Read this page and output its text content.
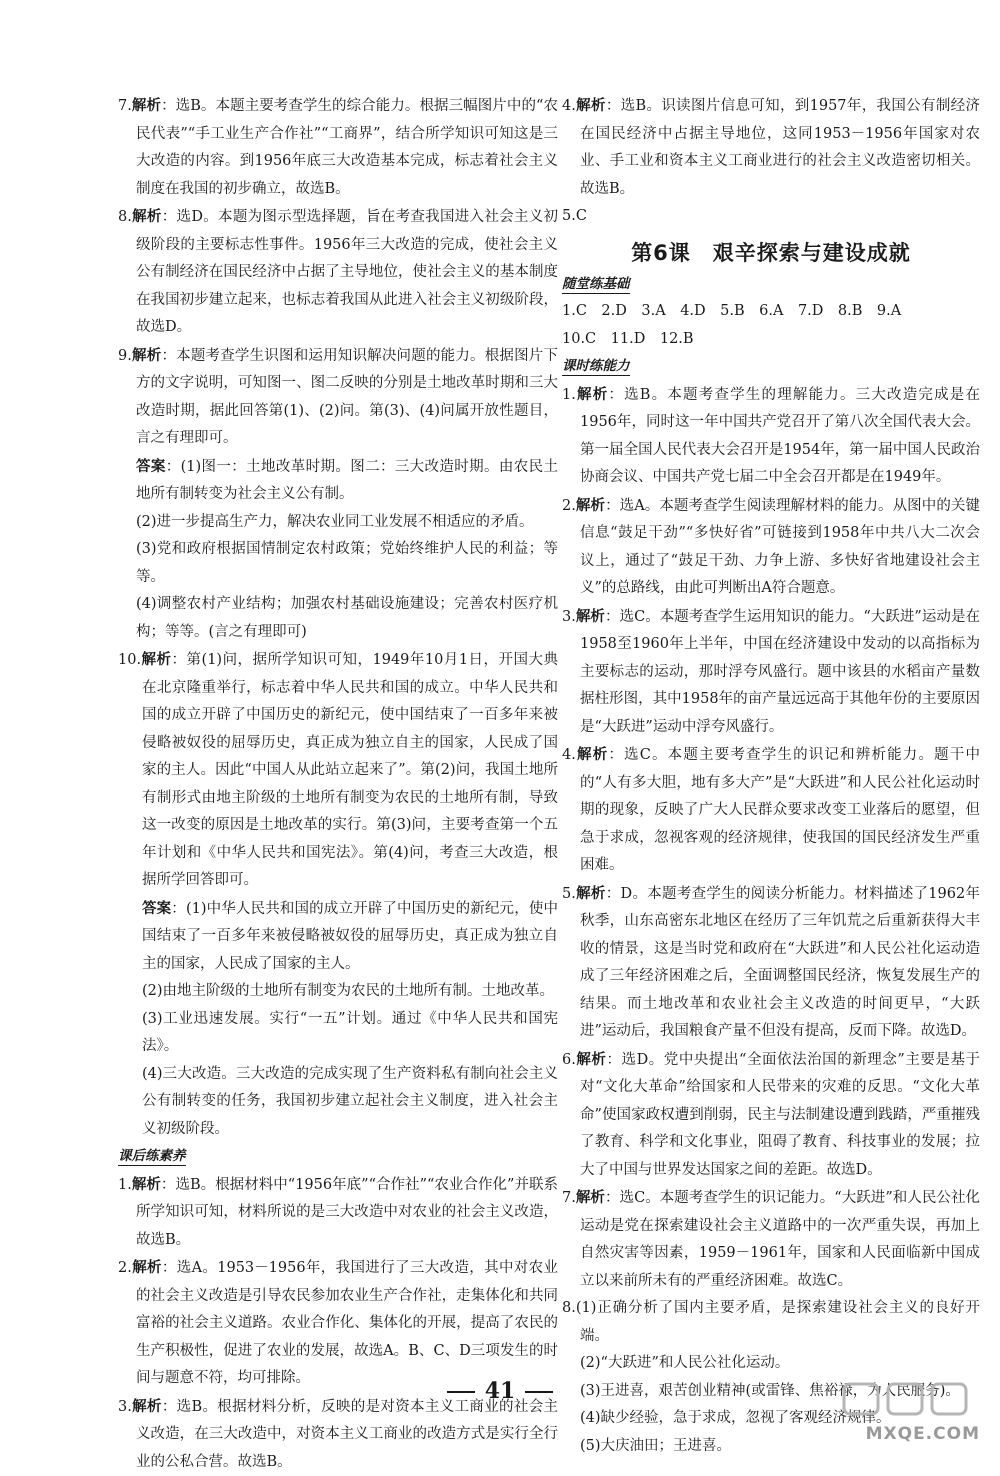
7.解析：选B。本题主要考查学生的综合能力。根据三幅图片中的“农民代表”“手工业生产合作社”“工商界”，结合所学知识可知这是三大改造的内容。到1956年底三大改造基本完成，标志着社会主义制度在我国的初步确立，故选B。

8.解析：选D。本题为图示型选择题，旨在考查我国进入社会主义初级阶段的主要标志性事件。1956年三大改造的完成，使社会主义公有制经济在国民经济中占据了主导地位，使社会主义的基本制度在我国初步建立起来，也标志着我国从此进入社会主义初级阶段，故选D。

9.解析：本题考查学生识图和运用知识解决问题的能力。根据图片下方的文字说明，可知图一、图二反映的分别是土地改革时期和三大改造时期，据此回答第(1)、(2)问。第(3)、(4)问属开放性题目，言之有理即可。

答案：(1)图一：土地改革时期。图二：三大改造时期。由农民土地所有制转变为社会主义公有制。

(2)进一步提高生产力，解决农业同工业发展不相适应的矛盾。

(3)党和政府根据国情制定农村政策；党始终维护人民的利益；等等。

(4)调整农村产业结构；加强农村基础设施建设；完善农村医疗机构；等等。(言之有理即可)

10.解析：第(1)问，据所学知识可知，1949年10月1日，开国大典在北京隆重举行，标志着中华人民共和国的成立。中华人民共和国的成立开辟了中国历史的新纪元，使中国结束了一百多年来被侵略被奴役的屈辱历史，真正成为独立自主的国家，人民成了国家的主人。因此“中国人从此站立起来了”。第(2)问，我国土地所有制形式由地主阶级的土地所有制变为农民的土地所有制，导致这一改变的原因是土地改革的实行。第(3)问，主要考查第一个五年计划和《中华人民共和国宪法》。第(4)问，考查三大改造，根据所学回答即可。

答案：(1)中华人民共和国的成立开辟了中国历史的新纪元，使中国结束了一百多年来被侵略被奴役的屈辱历史，真正成为独立自主的国家，人民成了国家的主人。

(2)由地主阶级的土地所有制变为农民的土地所有制。土地改革。

(3)工业迅速发展。实行“一五”计划。通过《中华人民共和国宪法》。

(4)三大改造。三大改造的完成实现了生产资料私有制向社会主义公有制转变的任务，我国初步建立起社会主义制度，进入社会主义初级阶段。

课后练素养

1.解析：选B。根据材料中“1956年底”“合作社”“农业合作化”并联系所学知识可知，材料所说的是三大改造中对农业的社会主义改造，故选B。

2.解析：选A。1953－1956年，我国进行了三大改造，其中对农业的社会主义改造是引导农民参加农业生产合作社，走集体化和共同富裕的社会主义道路。农业合作化、集体化的开展，提高了农民的生产积极性，促进了农业的发展，故选A。B、C、D三项发生的时间与题意不符，均可排除。

3.解析：选B。根据材料分析，反映的是对资本主义工商业的社会主义改造，在三大改造中，对资本主义工商业的改造方式是实行全行业的公私合营。故选B。

4.解析：选B。识读图片信息可知，到1957年，我国公有制经济在国民经济中占据主导地位，这同1953－1956年国家对农业、手工业和资本主义工商业进行的社会主义改造密切相关。故选B。

5.C

第6课　艰辛探索与建设成就
随堂练基础

1.C　2.D　3.A　4.D　5.B　6.A　7.D　8.B　9.A

10.C　11.D　12.B

课时练能力

1.解析：选B。本题考查学生的理解能力。三大改造完成是在1956年，同时这一年中国共产党召开了第八次全国代表大会。第一届全国人民代表大会召开是1954年，第一届中国人民政治协商会议、中国共产党七届二中全会召开都是在1949年。

2.解析：选A。本题考查学生阅读理解材料的能力。从图中的关键信息“鼓足干劲”“多快好省”可链接到1958年中共八大二次会议上，通过了“鼓足干劲、力争上游、多快好省地建设社会主义”的总路线，由此可判断出A符合题意。

3.解析：选C。本题考查学生运用知识的能力。“大跃进”运动是在1958至1960年上半年，中国在经济建设中发动的以高指标为主要标志的运动，那时浮夸风盛行。题中该县的水稻亩产量数据柱形图，其中1958年的亩产量远远高于其他年份的主要原因是“大跃进”运动中浮夸风盛行。

4.解析：选C。本题主要考查学生的识记和辨析能力。题干中的“人有多大胆，地有多大产”是“大跃进”和人民公社化运动时期的现象，反映了广大人民群众要求改变工业落后的愿望，但急于求成，忽视客观的经济规律，使我国的国民经济发生严重困难。

5.解析：D。本题考查学生的阅读分析能力。材料描述了1962年秋季，山东高密东北地区在经历了三年饥荒之后重新获得大丰收的情景，这是当时党和政府在“大跃进”和人民公社化运动造成了三年经济困难之后，全面调整国民经济，恢复发展生产的结果。而土地改革和农业社会主义改造的时间更早，“大跃进”运动后，我国粮食产量不但没有提高，反而下降。故选D。

6.解析：选D。党中央提出“全面依法治国的新理念”主要是基于对“文化大革命”给国家和人民带来的灾难的反思。“文化大革命”使国家政权遭到削弱，民主与法制建设遭到践踏，严重摧残了教育、科学和文化事业，阻碍了教育、科技事业的发展；拉大了中国与世界发达国家之间的差距。故选D。

7.解析：选C。本题考查学生的识记能力。“大跃进”和人民公社化运动是党在探索建设社会主义道路中的一次严重失误，再加上自然灾害等因素，1959－1961年，国家和人民面临新中国成立以来前所未有的严重经济困难。故选C。

8.(1)正确分析了国内主要矛盾，是探索建设社会主义的良好开端。

(2)“大跃进”和人民公社化运动。

(3)王进喜，艰苦创业精神(或雷锋、焦裕禄，为人民服务)。

(4)缺少经验，急于求成，忽视了客观经济规律。

(5)大庆油田；王进喜。

41
MXQE.COM
